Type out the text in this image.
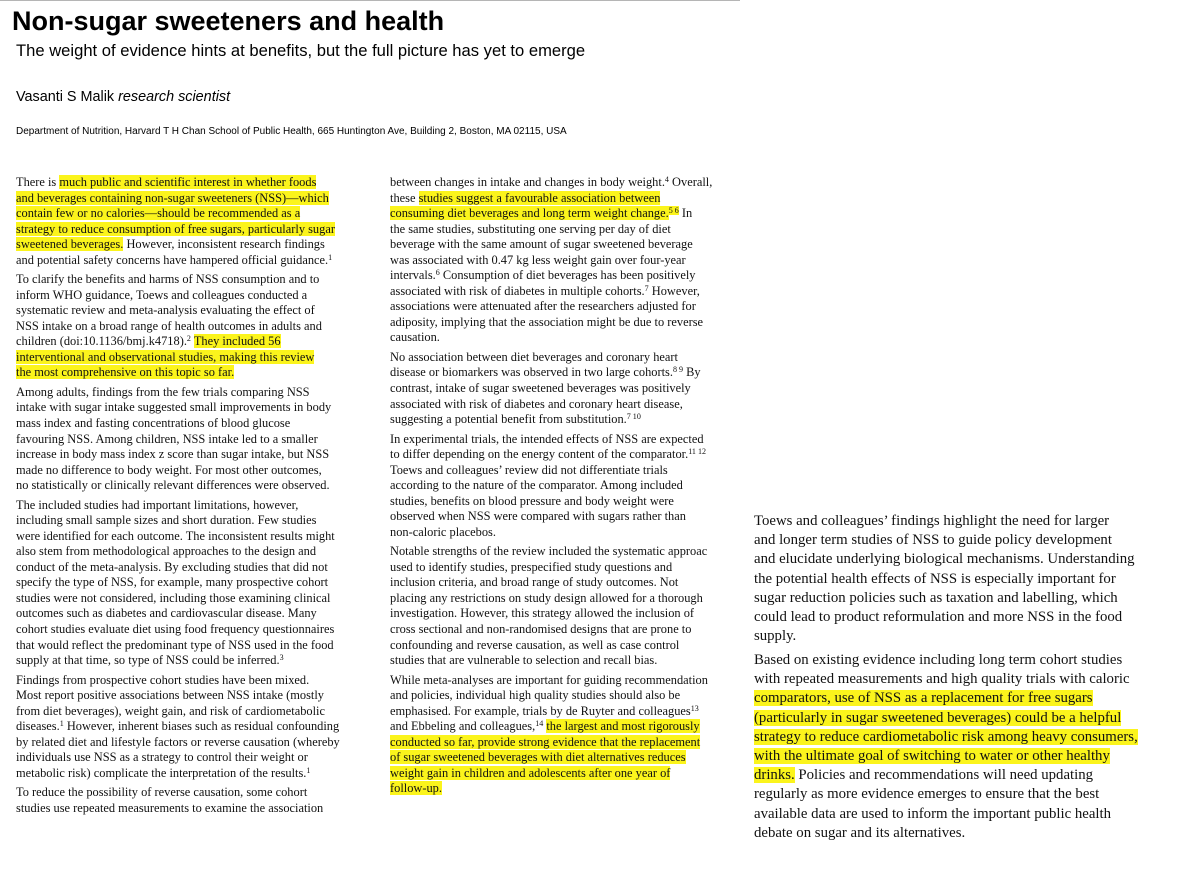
Non-sugar sweeteners and health

The weight of evidence hints at benefits, but the full picture has yet to emerge

Vasanti S Malik research scientist

Department of Nutrition, Harvard T H Chan School of Public Health, 665 Huntington Ave, Building 2, Boston, MA 02115, USA

There is much public and scientific interest in whether foods
and beverages containing non-sugar sweeteners (NSS)—which
contain few or no calories—should be recommended as a
strategy to reduce consumption of free sugars, particularly sugar
sweetened beverages. However, inconsistent research findings
and potential safety concerns have hampered official guidance.$^1$

To clarify the benefits and harms of NSS consumption and to
inform WHO guidance, Toews and colleagues conducted a
systematic review and meta-analysis evaluating the effect of
NSS intake on a broad range of health outcomes in adults and
children (doi:10.1136/bmj.k4718).$^2$ They included 56
interventional and observational studies, making this review
the most comprehensive on this topic so far.

Among adults, findings from the few trials comparing NSS
intake with sugar intake suggested small improvements in body
mass index and fasting concentrations of blood glucose
favouring NSS. Among children, NSS intake led to a smaller
increase in body mass index z score than sugar intake, but NSS
made no difference to body weight. For most other outcomes,
no statistically or clinically relevant differences were observed.

The included studies had important limitations, however,
including small sample sizes and short duration. Few studies
were identified for each outcome. The inconsistent results might
also stem from methodological approaches to the design and
conduct of the meta-analysis. By excluding studies that did not
specify the type of NSS, for example, many prospective cohort
studies were not considered, including those examining clinical
outcomes such as diabetes and cardiovascular disease. Many
cohort studies evaluate diet using food frequency questionnaires
that would reflect the predominant type of NSS used in the food
supply at that time, so type of NSS could be inferred.$^3$

Findings from prospective cohort studies have been mixed.
Most report positive associations between NSS intake (mostly
from diet beverages), weight gain, and risk of cardiometabolic
diseases.$^1$ However, inherent biases such as residual confounding
by related diet and lifestyle factors or reverse causation (whereby
individuals use NSS as a strategy to control their weight or
metabolic risk) complicate the interpretation of the results.$^1$

To reduce the possibility of reverse causation, some cohort
studies use repeated measurements to examine the association

between changes in intake and changes in body weight.$^4$ Overall,
these studies suggest a favourable association between
consuming diet beverages and long term weight change.$^{5 6}$ In
the same studies, substituting one serving per day of diet
beverage with the same amount of sugar sweetened beverage
was associated with 0.47 kg less weight gain over four-year
intervals.$^6$ Consumption of diet beverages has been positively
associated with risk of diabetes in multiple cohorts.$^7$ However,
associations were attenuated after the researchers adjusted for
adiposity, implying that the association might be due to reverse
causation.

No association between diet beverages and coronary heart
disease or biomarkers was observed in two large cohorts.$^{8 9}$ By
contrast, intake of sugar sweetened beverages was positively
associated with risk of diabetes and coronary heart disease,
suggesting a potential benefit from substitution.$^{7 10}$

In experimental trials, the intended effects of NSS are expected
to differ depending on the energy content of the comparator.$^{11 12}$
Toews and colleagues’ review did not differentiate trials
according to the nature of the comparator. Among included
studies, benefits on blood pressure and body weight were
observed when NSS were compared with sugars rather than
non-caloric placebos.

Notable strengths of the review included the systematic approac
used to identify studies, prespecified study questions and
inclusion criteria, and broad range of study outcomes. Not
placing any restrictions on study design allowed for a thorough
investigation. However, this strategy allowed the inclusion of
cross sectional and non-randomised designs that are prone to
confounding and reverse causation, as well as case control
studies that are vulnerable to selection and recall bias.

While meta-analyses are important for guiding recommendation
and policies, individual high quality studies should also be
emphasised. For example, trials by de Ruyter and colleagues$^{13}$
and Ebbeling and colleagues,$^{14}$ the largest and most rigorously
conducted so far, provide strong evidence that the replacement
of sugar sweetened beverages with diet alternatives reduces
weight gain in children and adolescents after one year of
follow-up.

Toews and colleagues’ findings highlight the need for larger
and longer term studies of NSS to guide policy development
and elucidate underlying biological mechanisms. Understanding
the potential health effects of NSS is especially important for
sugar reduction policies such as taxation and labelling, which
could lead to product reformulation and more NSS in the food
supply.

Based on existing evidence including long term cohort studies
with repeated measurements and high quality trials with caloric
comparators, use of NSS as a replacement for free sugars
(particularly in sugar sweetened beverages) could be a helpful
strategy to reduce cardiometabolic risk among heavy consumers,
with the ultimate goal of switching to water or other healthy
drinks. Policies and recommendations will need updating
regularly as more evidence emerges to ensure that the best
available data are used to inform the important public health
debate on sugar and its alternatives.
